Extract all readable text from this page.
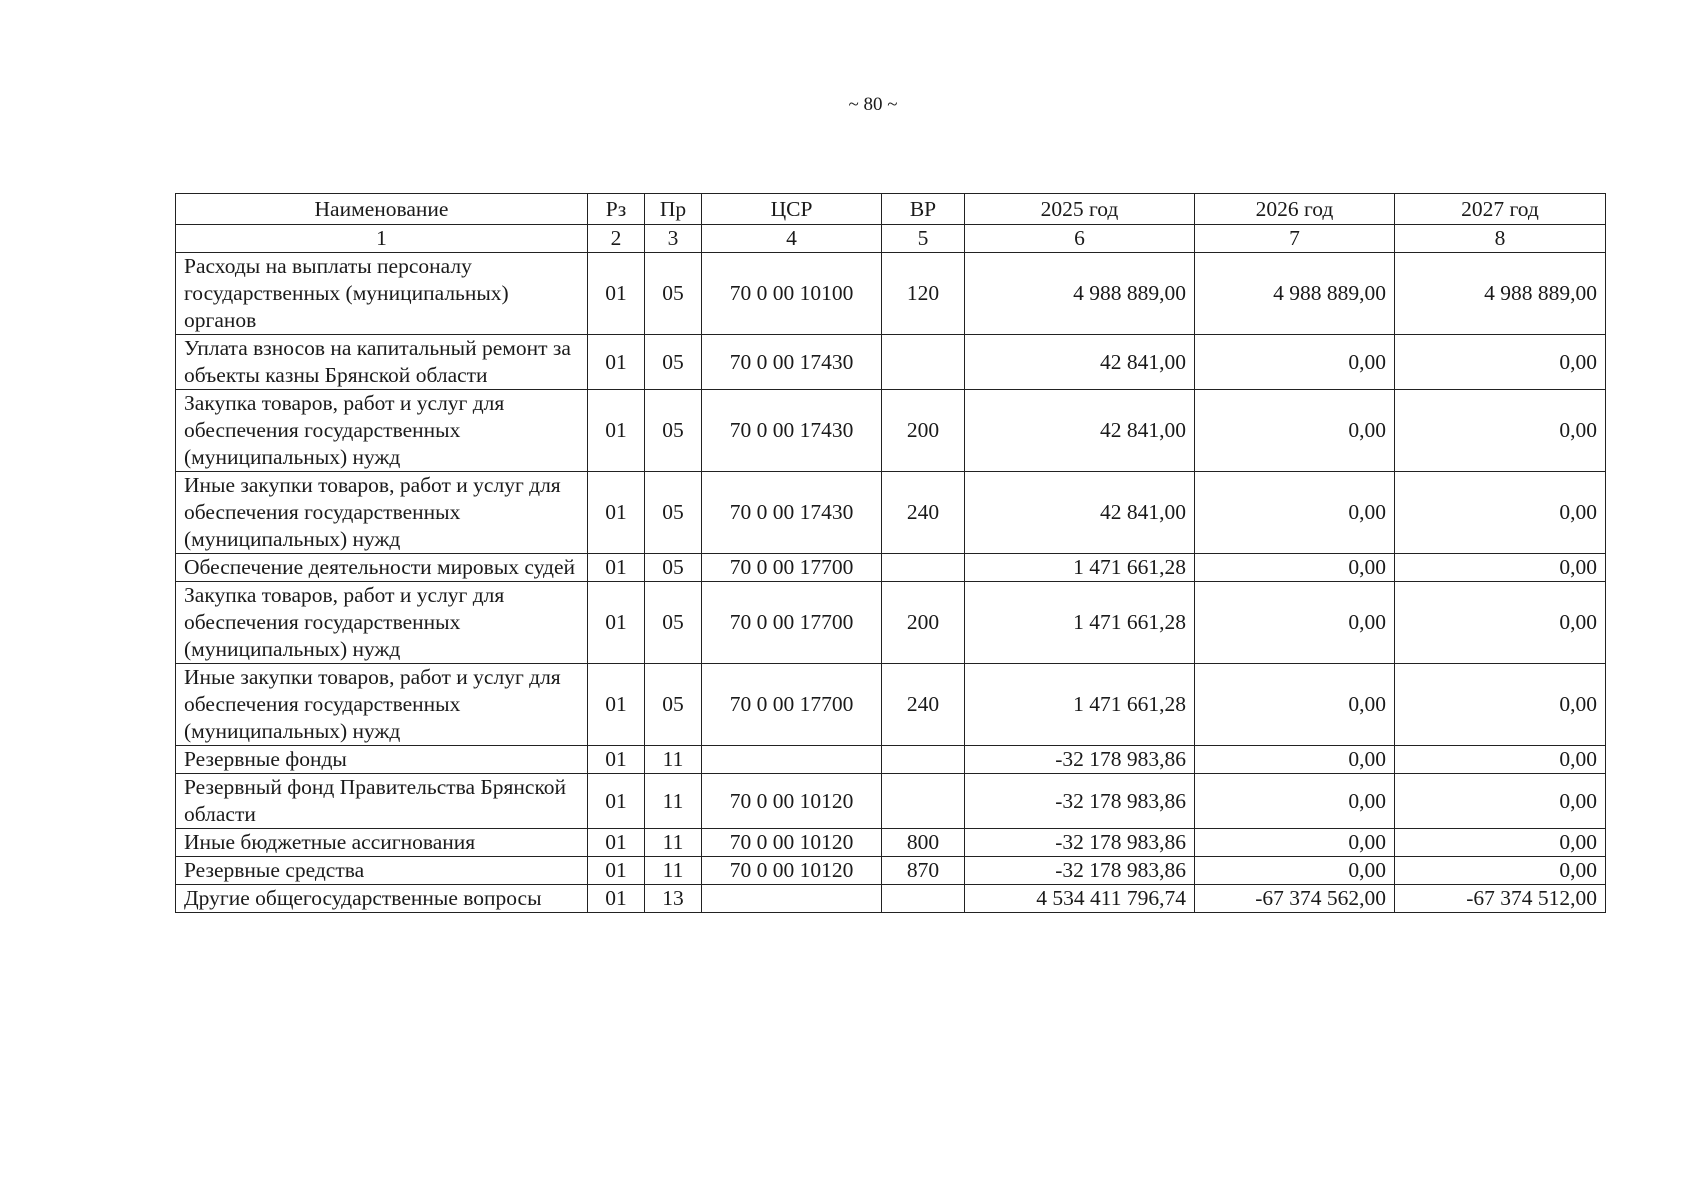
~ 80 ~
Наименование	Рз	Пр	ЦСР	ВР	2025 год	2026 год	2027 год
1	2	3	4	5	6	7	8
Расходы на выплаты персоналу государственных (муниципальных) органов	01	05	70 0 00 10100	120	4 988 889,00	4 988 889,00	4 988 889,00
Уплата взносов на капитальный ремонт за объекты казны Брянской области	01	05	70 0 00 17430		42 841,00	0,00	0,00
Закупка товаров, работ и услуг для обеспечения государственных (муниципальных) нужд	01	05	70 0 00 17430	200	42 841,00	0,00	0,00
Иные закупки товаров, работ и услуг для обеспечения государственных (муниципальных) нужд	01	05	70 0 00 17430	240	42 841,00	0,00	0,00
Обеспечение деятельности мировых судей	01	05	70 0 00 17700		1 471 661,28	0,00	0,00
Закупка товаров, работ и услуг для обеспечения государственных (муниципальных) нужд	01	05	70 0 00 17700	200	1 471 661,28	0,00	0,00
Иные закупки товаров, работ и услуг для обеспечения государственных (муниципальных) нужд	01	05	70 0 00 17700	240	1 471 661,28	0,00	0,00
Резервные фонды	01	11			-32 178 983,86	0,00	0,00
Резервный фонд Правительства Брянской области	01	11	70 0 00 10120		-32 178 983,86	0,00	0,00
Иные бюджетные ассигнования	01	11	70 0 00 10120	800	-32 178 983,86	0,00	0,00
Резервные средства	01	11	70 0 00 10120	870	-32 178 983,86	0,00	0,00
Другие общегосударственные вопросы	01	13			4 534 411 796,74	-67 374 562,00	-67 374 512,00
